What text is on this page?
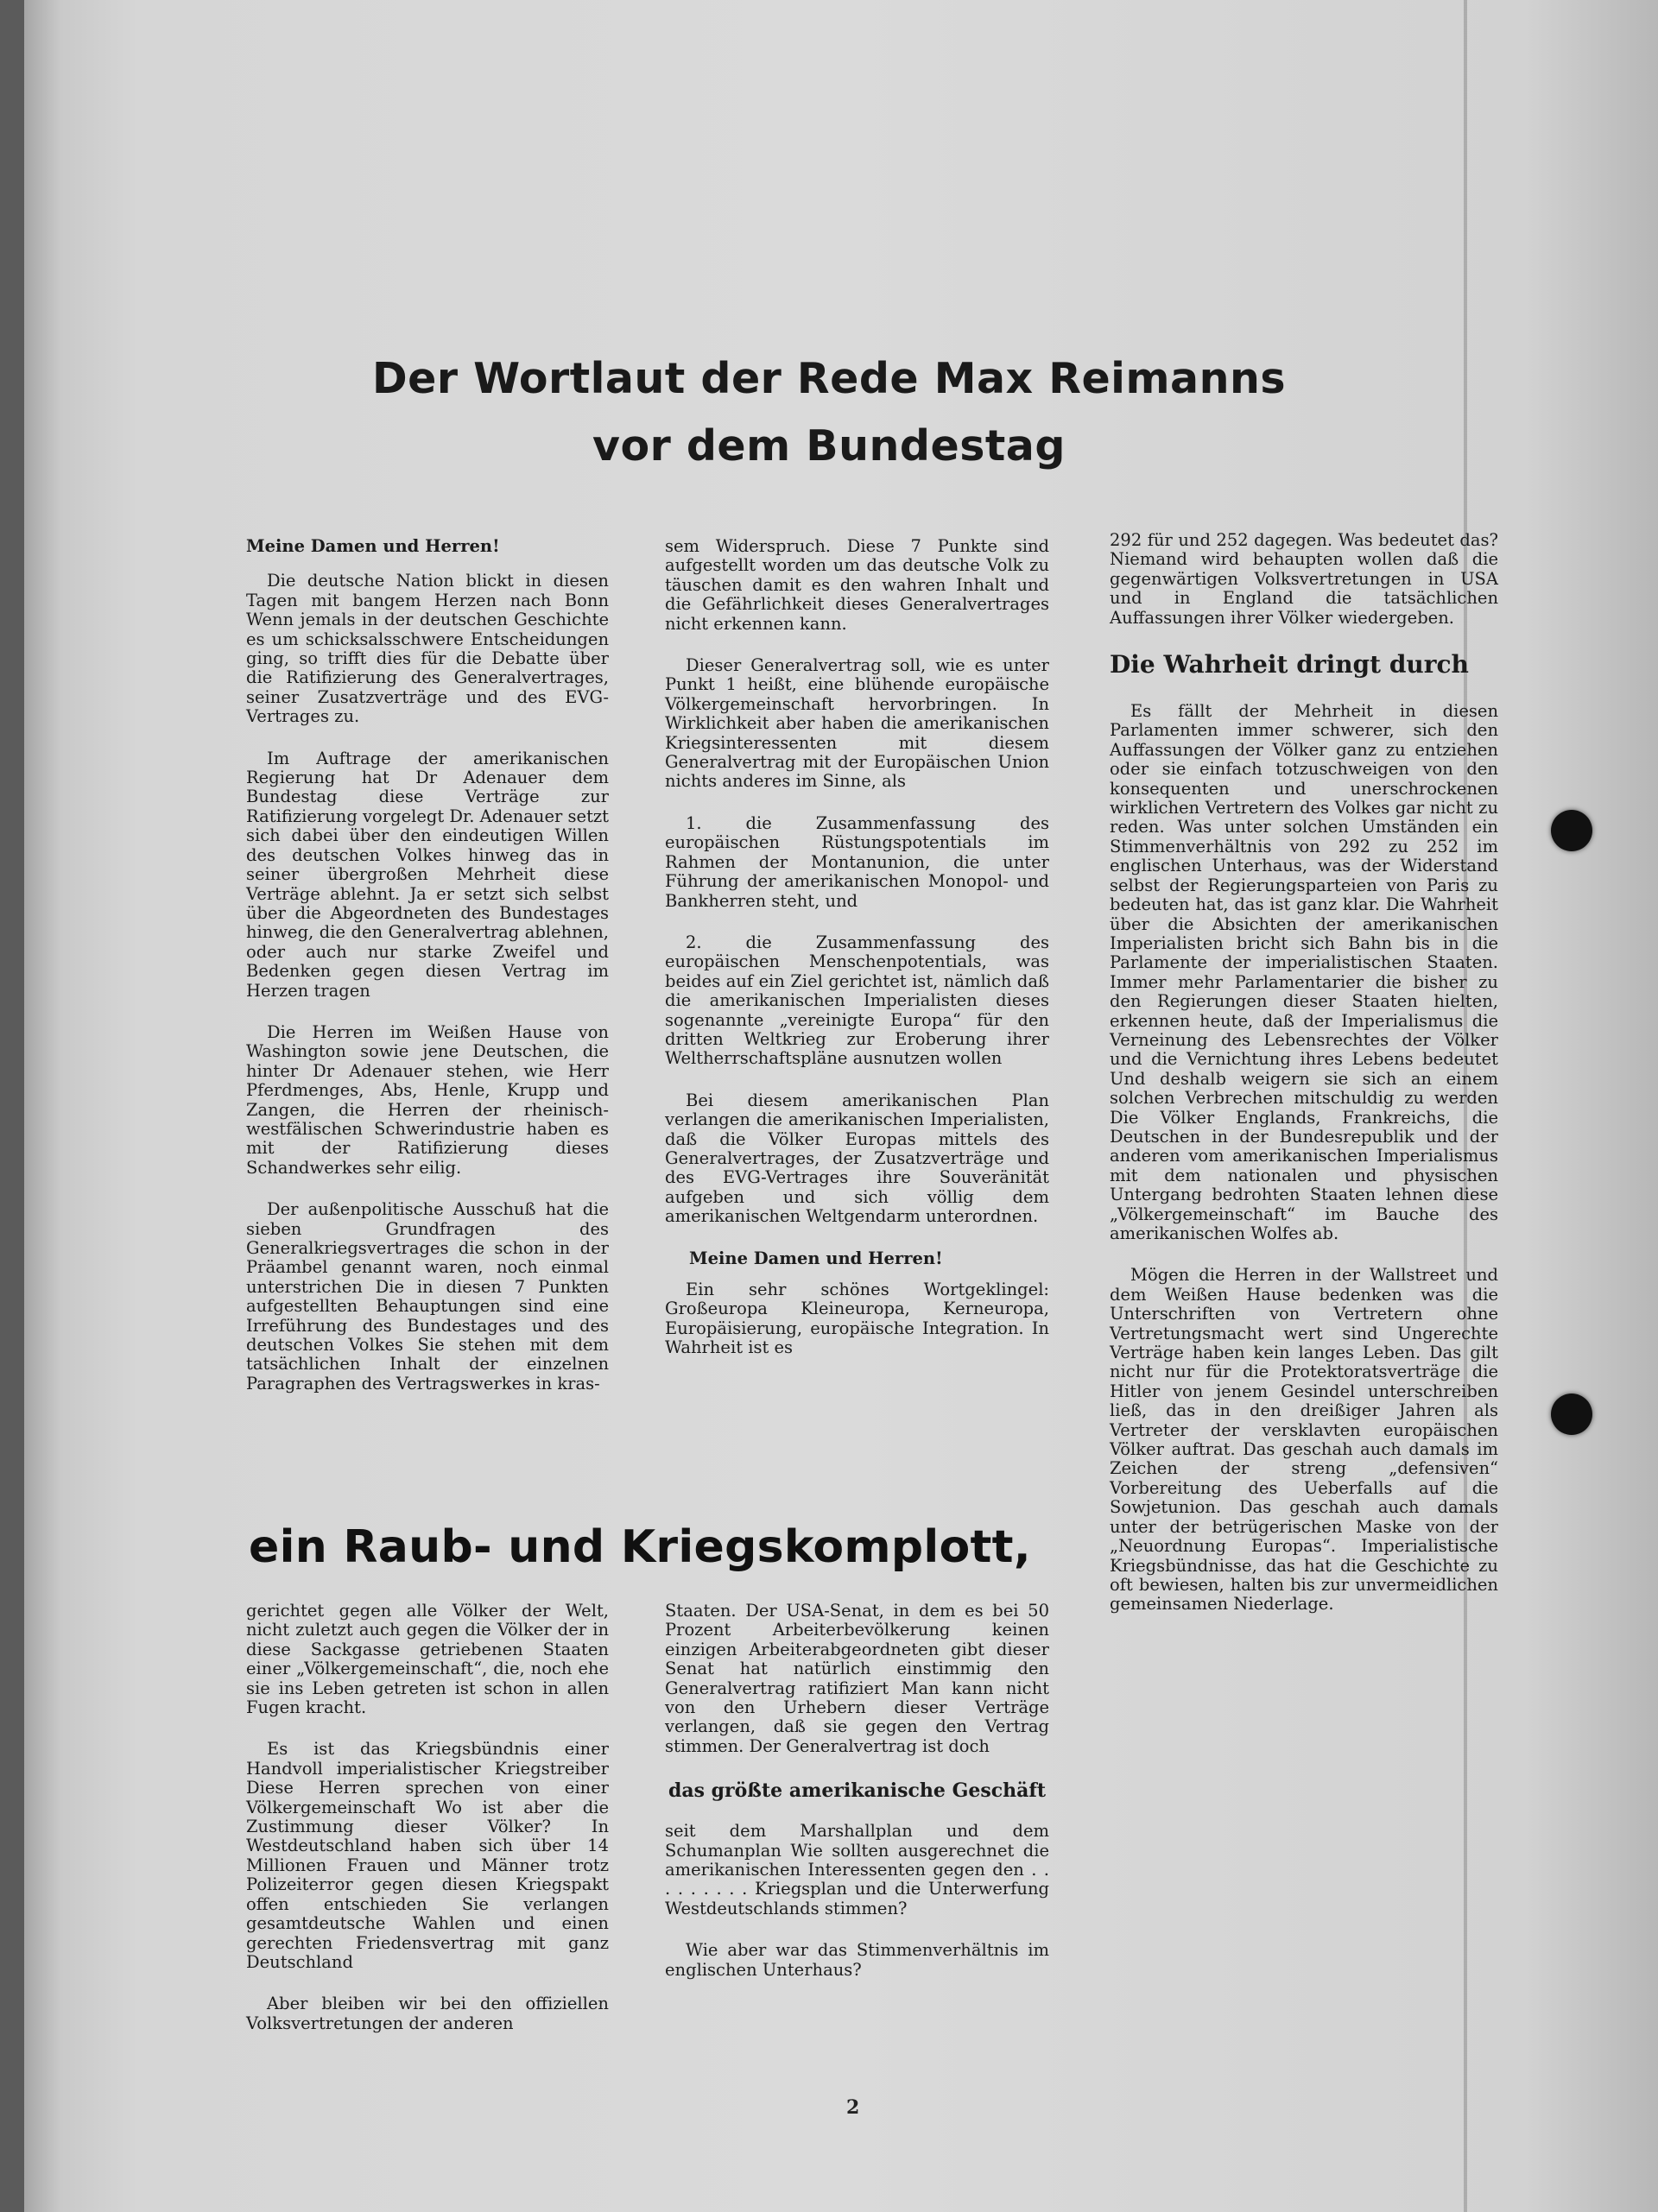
Der Wortlaut der Rede Max Reimanns
vor dem Bundestag

Meine Damen und Herren!

Die deutsche Nation blickt in diesen Tagen mit bangem Herzen nach Bonn Wenn jemals in der deutschen Geschichte es um schicksalsschwere Entscheidungen ging, so trifft dies für die Debatte über die Ratifizierung des Generalvertrages, seiner Zusatzverträge und des EVG-Vertrages zu.

Im Auftrage der amerikanischen Regierung hat Dr Adenauer dem Bundestag diese Verträge zur Ratifizierung vorgelegt Dr. Adenauer setzt sich dabei über den eindeutigen Willen des deutschen Volkes hinweg das in seiner übergroßen Mehrheit diese Verträge ablehnt. Ja er setzt sich selbst über die Abgeordneten des Bundestages hinweg, die den Generalvertrag ablehnen, oder auch nur starke Zweifel und Bedenken gegen diesen Vertrag im Herzen tragen

Die Herren im Weißen Hause von Washington sowie jene Deutschen, die hinter Dr Adenauer stehen, wie Herr Pferdmenges, Abs, Henle, Krupp und Zangen, die Herren der rheinisch-westfälischen Schwerindustrie haben es mit der Ratifizierung dieses Schandwerkes sehr eilig.

Der außenpolitische Ausschuß hat die sieben Grundfragen des Generalkriegsvertrages die schon in der Präambel genannt waren, noch einmal unterstrichen Die in diesen 7 Punkten aufgestellten Behauptungen sind eine Irreführung des Bundestages und des deutschen Volkes Sie stehen mit dem tatsächlichen Inhalt der einzelnen Paragraphen des Vertragswerkes in kras-

sem Widerspruch. Diese 7 Punkte sind aufgestellt worden um das deutsche Volk zu täuschen damit es den wahren Inhalt und die Gefährlichkeit dieses Generalvertrages nicht erkennen kann.

Dieser Generalvertrag soll, wie es unter Punkt 1 heißt, eine blühende europäische Völkergemeinschaft hervorbringen. In Wirklichkeit aber haben die amerikanischen Kriegsinteressenten mit diesem Generalvertrag mit der Europäischen Union nichts anderes im Sinne, als

1. die Zusammenfassung des europäischen Rüstungspotentials im Rahmen der Montanunion, die unter Führung der amerikanischen Monopol- und Bankherren steht, und

2. die Zusammenfassung des europäischen Menschenpotentials, was beides auf ein Ziel gerichtet ist, nämlich daß die amerikanischen Imperialisten dieses sogenannte „vereinigte Europa“ für den dritten Weltkrieg zur Eroberung ihrer Weltherrschaftspläne ausnutzen wollen

Bei diesem amerikanischen Plan verlangen die amerikanischen Imperialisten, daß die Völker Europas mittels des Generalvertrages, der Zusatzverträge und des EVG-Vertrages ihre Souveränität aufgeben und sich völlig dem amerikanischen Weltgendarm unterordnen.

Meine Damen und Herren!

Ein sehr schönes Wortgeklingel: Großeuropa Kleineuropa, Kerneuropa, Europäisierung, europäische Integration. In Wahrheit ist es

292 für und 252 dagegen. Was bedeutet das? Niemand wird behaupten wollen daß die gegenwärtigen Volksvertretungen in USA und in England die tatsächlichen Auffassungen ihrer Völker wiedergeben.

Die Wahrheit dringt durch

Es fällt der Mehrheit in diesen Parlamenten immer schwerer, sich den Auffassungen der Völker ganz zu entziehen oder sie einfach totzuschweigen von den konsequenten und unerschrockenen wirklichen Vertretern des Volkes gar nicht zu reden. Was unter solchen Umständen ein Stimmenverhältnis von 292 zu 252 im englischen Unterhaus, was der Widerstand selbst der Regierungsparteien von Paris zu bedeuten hat, das ist ganz klar. Die Wahrheit über die Absichten der amerikanischen Imperialisten bricht sich Bahn bis in die Parlamente der imperialistischen Staaten. Immer mehr Parlamentarier die bisher zu den Regierungen dieser Staaten hielten, erkennen heute, daß der Imperialismus die Verneinung des Lebensrechtes der Völker und die Vernichtung ihres Lebens bedeutet Und deshalb weigern sie sich an einem solchen Verbrechen mitschuldig zu werden Die Völker Englands, Frankreichs, die Deutschen in der Bundesrepublik und der anderen vom amerikanischen Imperialismus mit dem nationalen und physischen Untergang bedrohten Staaten lehnen diese „Völkergemeinschaft“ im Bauche des amerikanischen Wolfes ab.

Mögen die Herren in der Wallstreet und dem Weißen Hause bedenken was die Unterschriften von Vertretern ohne Vertretungsmacht wert sind Ungerechte Verträge haben kein langes Leben. Das gilt nicht nur für die Protektoratsverträge die Hitler von jenem Gesindel unterschreiben ließ, das in den dreißiger Jahren als Vertreter der versklavten europäischen Völker auftrat. Das geschah auch damals im Zeichen der streng „defensiven“ Vorbereitung des Ueberfalls auf die Sowjetunion. Das geschah auch damals unter der betrügerischen Maske von der „Neuordnung Europas“. Imperialistische Kriegsbündnisse, das hat die Geschichte zu oft bewiesen, halten bis zur unvermeidlichen gemeinsamen Niederlage.

ein Raub- und Kriegskomplott,

gerichtet gegen alle Völker der Welt, nicht zuletzt auch gegen die Völker der in diese Sackgasse getriebenen Staaten einer „Völkergemeinschaft“, die, noch ehe sie ins Leben getreten ist schon in allen Fugen kracht.

Es ist das Kriegsbündnis einer Handvoll imperialistischer Kriegstreiber Diese Herren sprechen von einer Völkergemeinschaft Wo ist aber die Zustimmung dieser Völker? In Westdeutschland haben sich über 14 Millionen Frauen und Männer trotz Polizeiterror gegen diesen Kriegspakt offen entschieden Sie verlangen gesamtdeutsche Wahlen und einen gerechten Friedensvertrag mit ganz Deutschland

Aber bleiben wir bei den offiziellen Volksvertretungen der anderen

Staaten. Der USA-Senat, in dem es bei 50 Prozent Arbeiterbevölkerung keinen einzigen Arbeiterabgeordneten gibt dieser Senat hat natürlich einstimmig den Generalvertrag ratifiziert Man kann nicht von den Urhebern dieser Verträge verlangen, daß sie gegen den Vertrag stimmen. Der Generalvertrag ist doch

das größte amerikanische Geschäft

seit dem Marshallplan und dem Schumanplan Wie sollten ausgerechnet die amerikanischen Interessenten gegen den . . . . . . . . . Kriegsplan und die Unterwerfung Westdeutschlands stimmen?

Wie aber war das Stimmenverhältnis im englischen Unterhaus?

2
